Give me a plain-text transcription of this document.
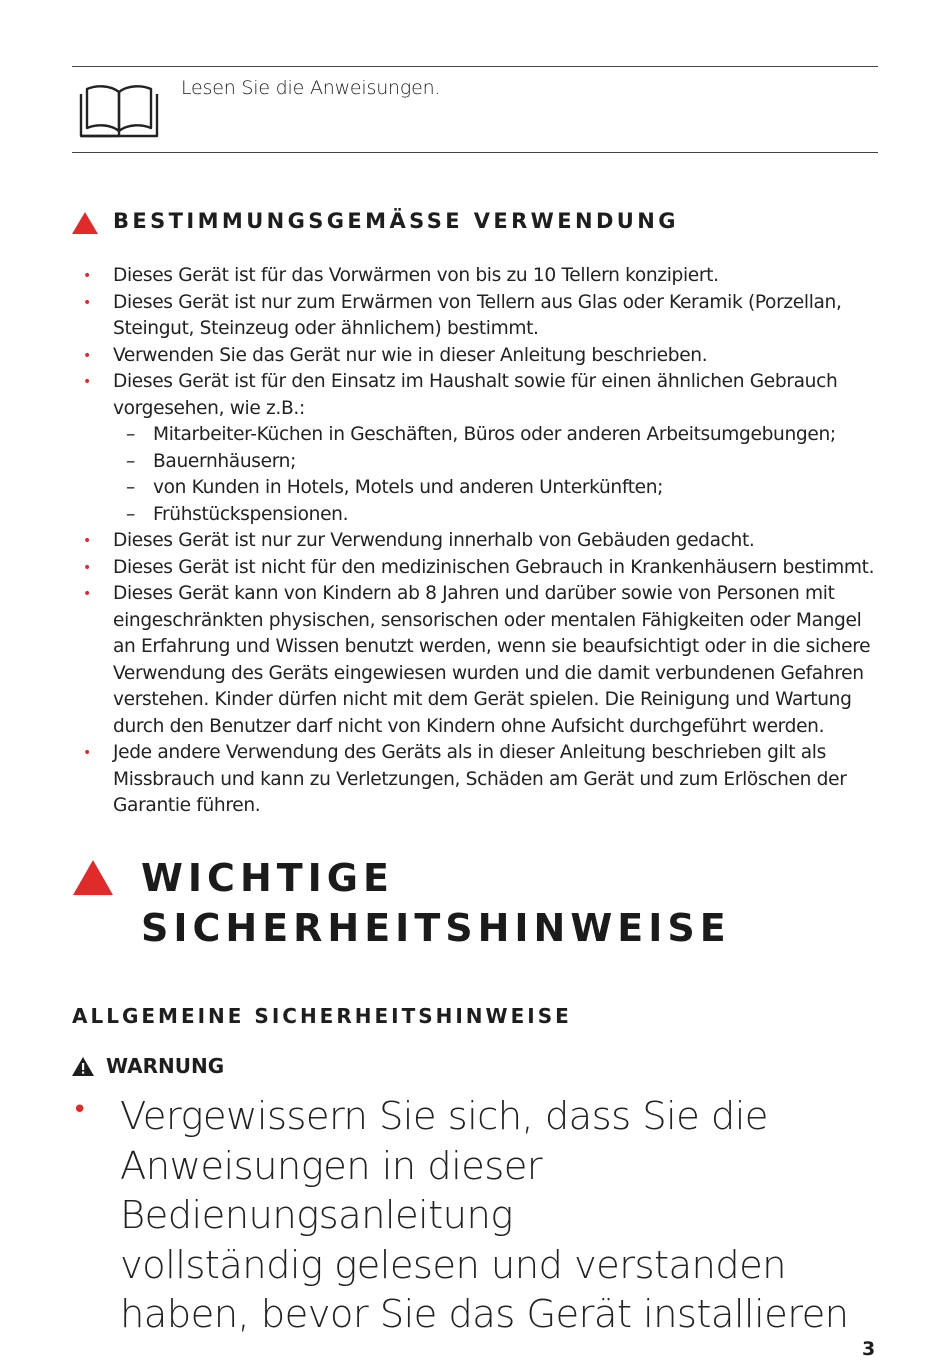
Lesen Sie die Anweisungen.
BESTIMMUNGSGEMÄSSE VERWENDUNG
• Dieses Gerät ist für das Vorwärmen von bis zu 10 Tellern konzipiert.
• Dieses Gerät ist nur zum Erwärmen von Tellern aus Glas oder Keramik (Porzellan,
Steingut, Steinzeug oder ähnlichem) bestimmt.
• Verwenden Sie das Gerät nur wie in dieser Anleitung beschrieben.
• Dieses Gerät ist für den Einsatz im Haushalt sowie für einen ähnlichen Gebrauch
vorgesehen, wie z.B.:
– Mitarbeiter-Küchen in Geschäften, Büros oder anderen Arbeitsumgebungen;
– Bauernhäusern;
– von Kunden in Hotels, Motels und anderen Unterkünften;
– Frühstückspensionen.
• Dieses Gerät ist nur zur Verwendung innerhalb von Gebäuden gedacht.
• Dieses Gerät ist nicht für den medizinischen Gebrauch in Krankenhäusern bestimmt.
• Dieses Gerät kann von Kindern ab 8 Jahren und darüber sowie von Personen mit
eingeschränkten physischen, sensorischen oder mentalen Fähigkeiten oder Mangel
an Erfahrung und Wissen benutzt werden, wenn sie beaufsichtigt oder in die sichere
Verwendung des Geräts eingewiesen wurden und die damit verbundenen Gefahren
verstehen. Kinder dürfen nicht mit dem Gerät spielen. Die Reinigung und Wartung
durch den Benutzer darf nicht von Kindern ohne Aufsicht durchgeführt werden.
• Jede andere Verwendung des Geräts als in dieser Anleitung beschrieben gilt als
Missbrauch und kann zu Verletzungen, Schäden am Gerät und zum Erlöschen der
Garantie führen.
WICHTIGE
SICHERHEITSHINWEISE
ALLGEMEINE SICHERHEITSHINWEISE
WARNUNG
• Vergewissern Sie sich, dass Sie die
Anweisungen in dieser Bedienungsanleitung
vollständig gelesen und verstanden
haben, bevor Sie das Gerät installieren
3
